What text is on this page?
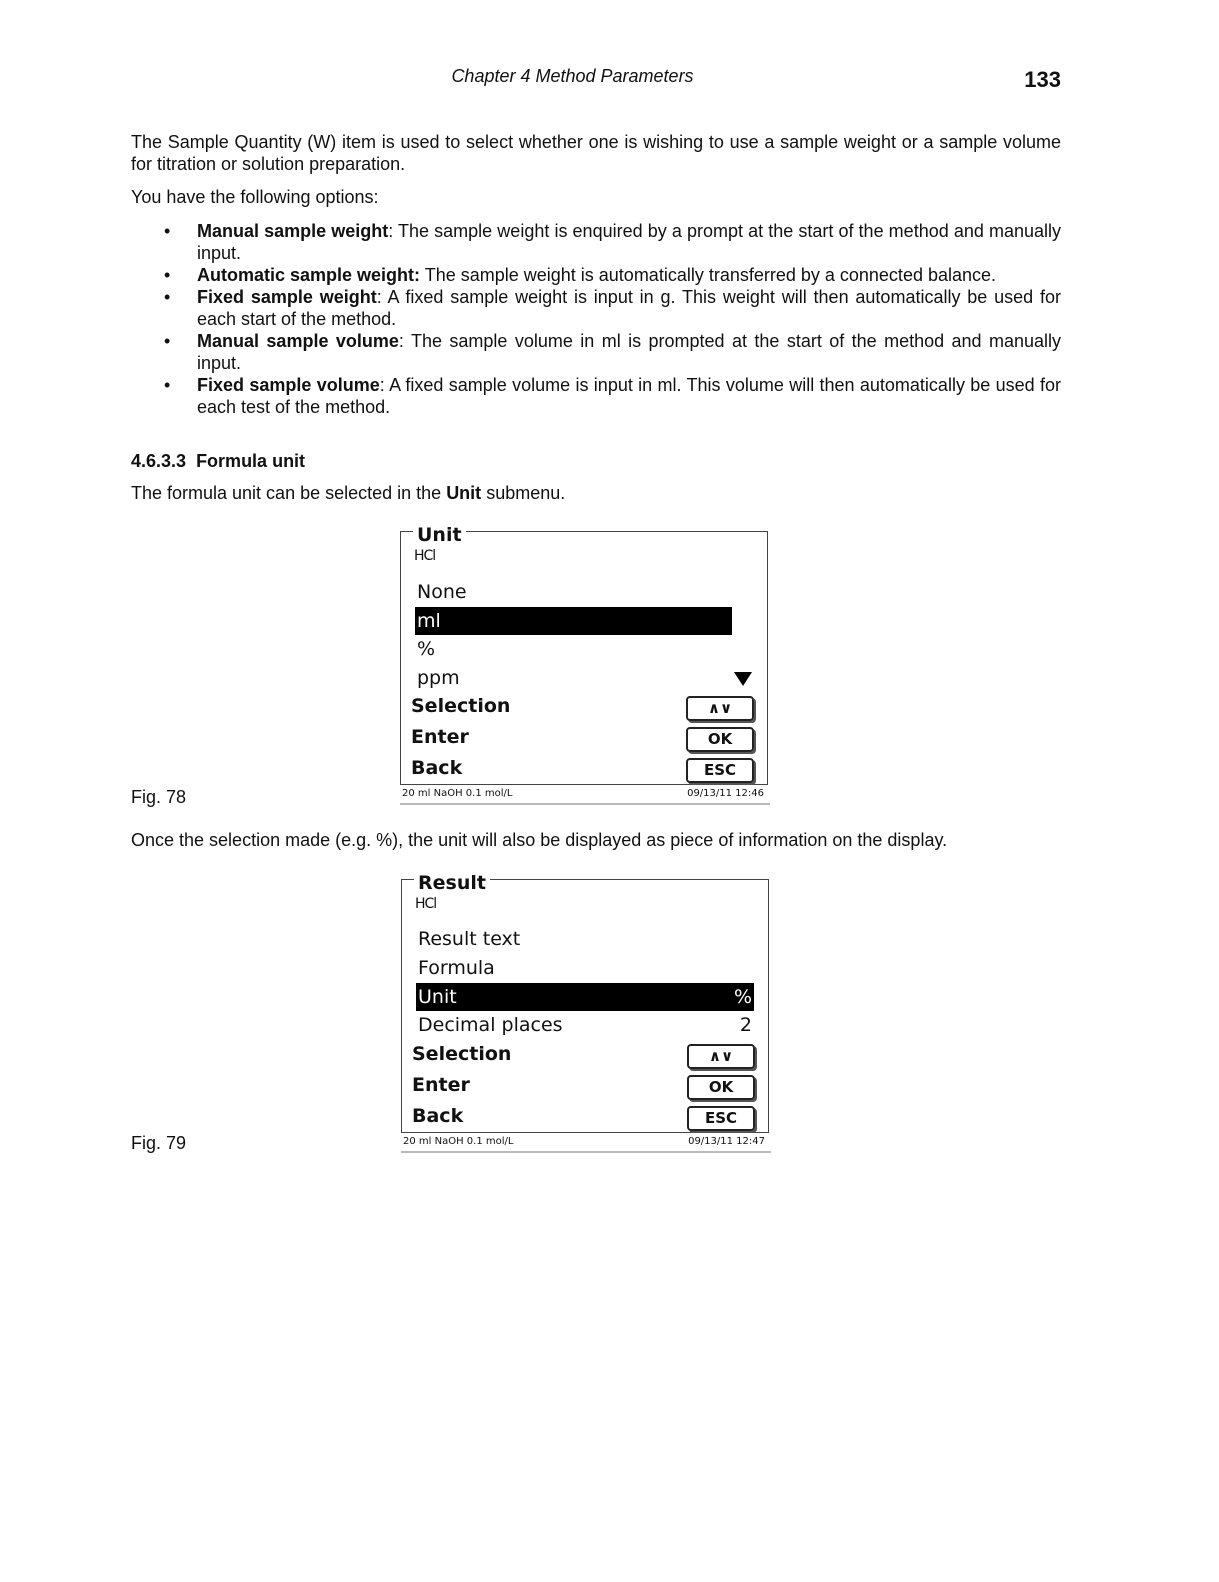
Chapter 4 Method Parameters	133
The Sample Quantity (W) item is used to select whether one is wishing to use a sample weight or a sample volume for titration or solution preparation.
You have the following options:
• Manual sample weight: The sample weight is enquired by a prompt at the start of the method and manually input.
• Automatic sample weight: The sample weight is automatically transferred by a connected balance.
• Fixed sample weight: A fixed sample weight is input in g. This weight will then automatically be used for each start of the method.
• Manual sample volume: The sample volume in ml is prompted at the start of the method and manually input.
• Fixed sample volume: A fixed sample volume is input in ml. This volume will then automatically be used for each test of the method.
4.6.3.3 Formula unit
The formula unit can be selected in the Unit submenu.
Fig. 78
Unit
HCl
None
ml
%
ppm
Selection	∧∨
Enter	OK
Back	ESC
20 ml NaOH 0.1 mol/L	09/13/11 12:46
Once the selection made (e.g. %), the unit will also be displayed as piece of information on the display.
Fig. 79
Result
HCl
Result text
Formula
Unit	%
Decimal places	2
Selection	∧∨
Enter	OK
Back	ESC
20 ml NaOH 0.1 mol/L	09/13/11 12:47
